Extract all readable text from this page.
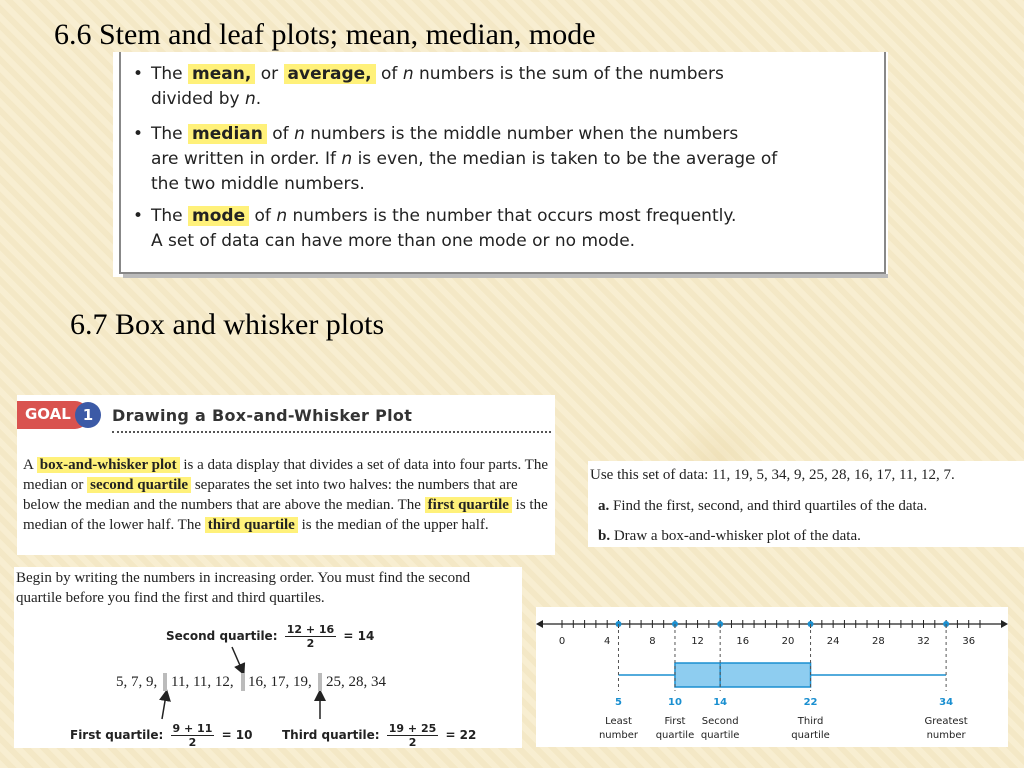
6.6 Stem and leaf plots; mean, median, mode
• The mean, or average, of n numbers is the sum of the numbers
divided by n.
• The median of n numbers is the middle number when the numbers
are written in order. If n is even, the median is taken to be the average of
the two middle numbers.
• The mode of n numbers is the number that occurs most frequently.
A set of data can have more than one mode or no mode.
6.7 Box and whisker plots
GOAL 1	Drawing a Box-and-Whisker Plot
A box-and-whisker plot is a data display that divides a set of data into four parts. The median or second quartile separates the set into two halves: the numbers that are below the median and the numbers that are above the median. The first quartile is the median of the lower half. The third quartile is the median of the upper half.
Use this set of data: 11, 19, 5, 34, 9, 25, 28, 16, 17, 11, 12, 7.
a. Find the first, second, and third quartiles of the data.
b. Draw a box-and-whisker plot of the data.
Begin by writing the numbers in increasing order. You must find the second
quartile before you find the first and third quartiles.
Second quartile: $\frac{12 + 16}{2} = 14$
5, 7, 9, 11, 11, 12, 16, 17, 19, 25, 28, 34
First quartile: $\frac{9 + 11}{2} = 10$ Third quartile: $\frac{19 + 25}{2} = 22$
0	4	8	12	16	20	24	28	32	36
5
Least
number
10
First
quartile
14
Second
quartile
22
Third
quartile
34
Greatest
number
